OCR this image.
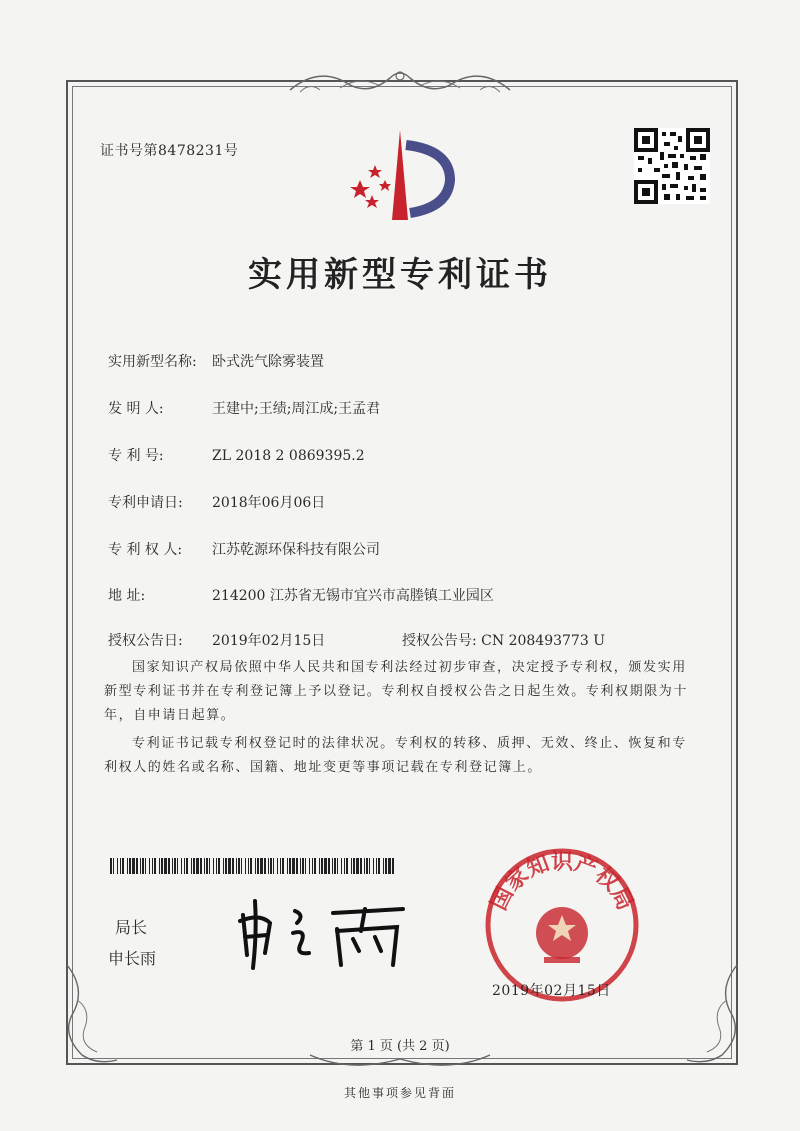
证书号第8478231号
实用新型专利证书
实用新型名称: 卧式洗气除雾装置
发 明 人:	王建中;王绩;周江成;王孟君
专 利 号:	ZL 2018 2 0869395.2
专利申请日: 2018年06月06日
专 利 权 人: 江苏乾源环保科技有限公司
地 址:	214200 江苏省无锡市宜兴市高塍镇工业园区
授权公告日: 2019年02月15日	授权公告号: CN 208493773 U
国家知识产权局依照中华人民共和国专利法经过初步审查，决定授予专利权，颁发实用新型专利证书并在专利登记簿上予以登记。专利权自授权公告之日起生效。专利权期限为十年，自申请日起算。
专利证书记载专利权登记时的法律状况。专利权的转移、质押、无效、终止、恢复和专利权人的姓名或名称、国籍、地址变更等事项记载在专利登记簿上。
局长
申长雨
国家知识产权局
2019年02月15日
第 1 页 (共 2 页)
其他事项参见背面
